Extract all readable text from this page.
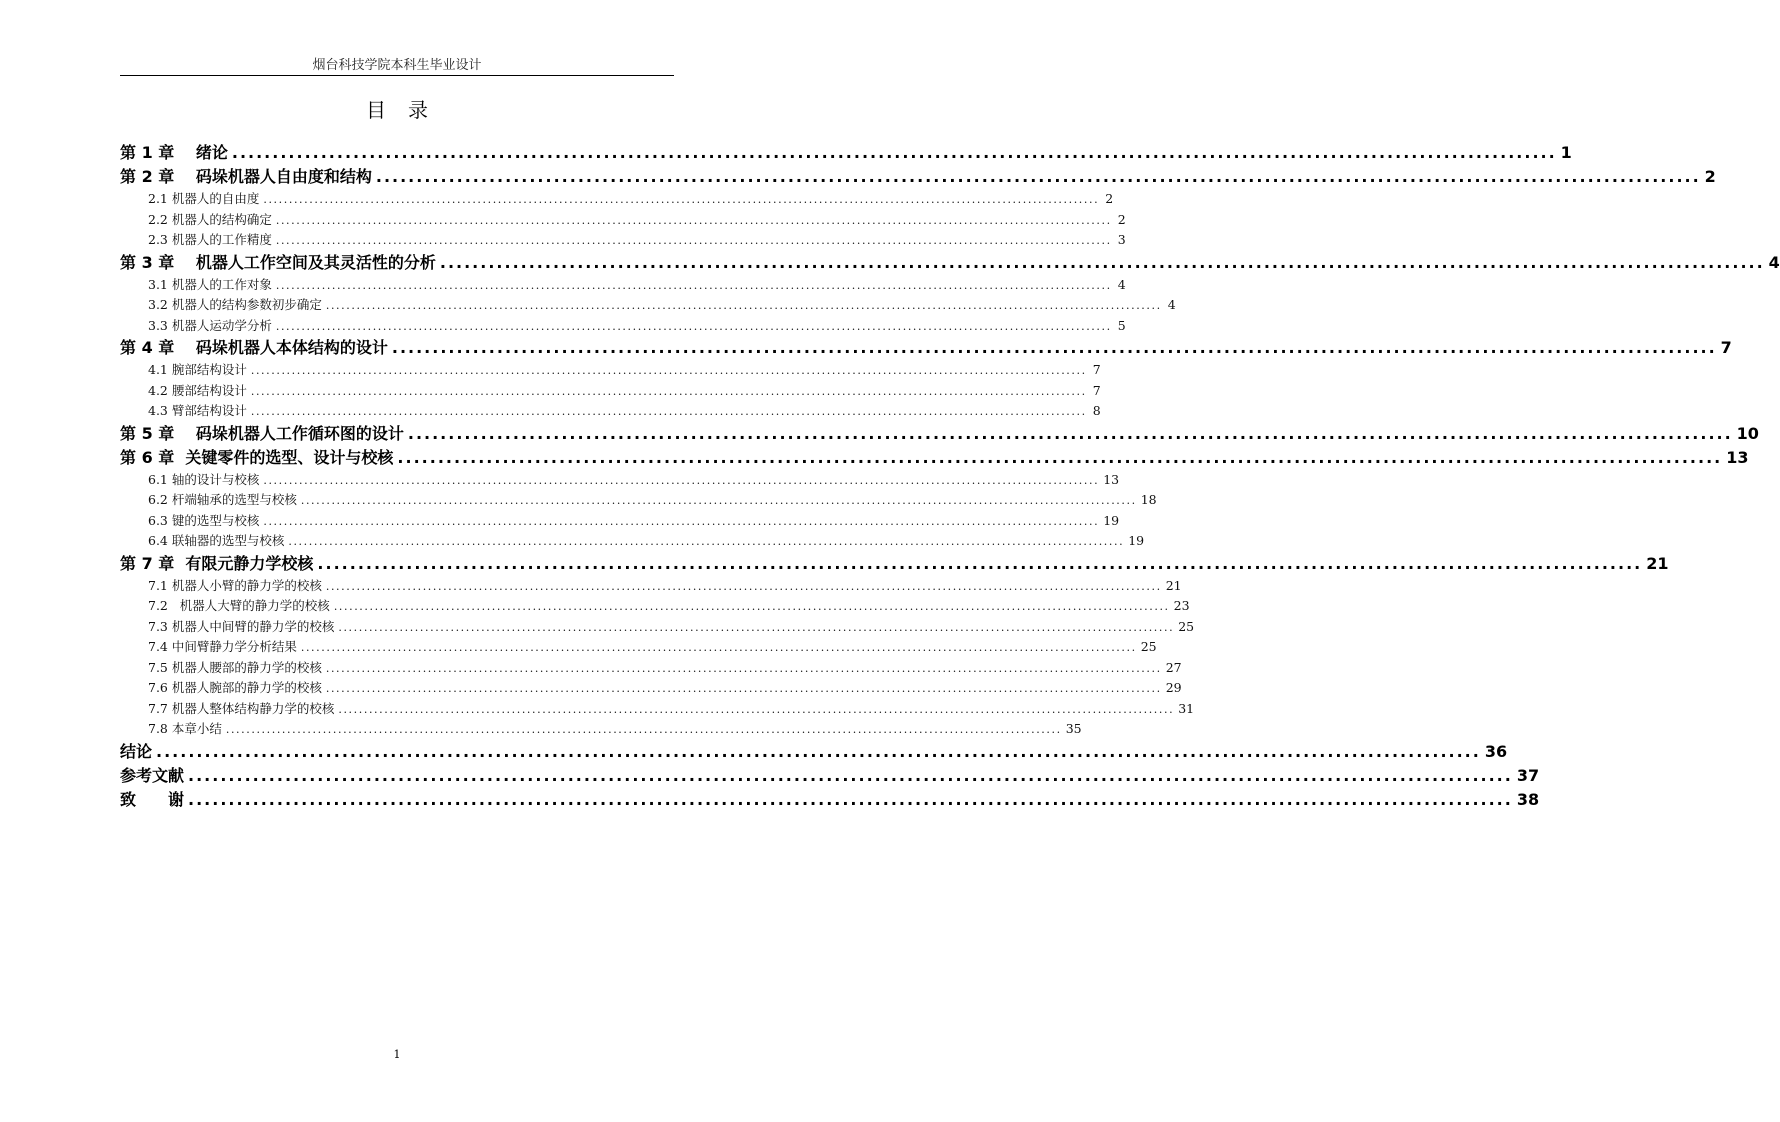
烟台科技学院本科生毕业设计
目 录
第 1 章　 绪论 .................................................................................................................................................................... 1
第 2 章　 码垛机器人自由度和结构 .................................................................................................................................................................... 2
2.1 机器人的自由度 .................................................................................................................................................................... 2
2.2 机器人的结构确定 .................................................................................................................................................................... 2
2.3 机器人的工作精度 .................................................................................................................................................................... 3
第 3 章　 机器人工作空间及其灵活性的分析 .................................................................................................................................................................... 4
3.1 机器人的工作对象 .................................................................................................................................................................... 4
3.2 机器人的结构参数初步确定 .................................................................................................................................................................... 4
3.3 机器人运动学分析 .................................................................................................................................................................... 5
第 4 章　 码垛机器人本体结构的设计 .................................................................................................................................................................... 7
4.1 腕部结构设计 .................................................................................................................................................................... 7
4.2 腰部结构设计 .................................................................................................................................................................... 7
4.3 臂部结构设计 .................................................................................................................................................................... 8
第 5 章　 码垛机器人工作循环图的设计 .................................................................................................................................................................... 10
第 6 章  关键零件的选型、设计与校核 .................................................................................................................................................................... 13
6.1 轴的设计与校核 .................................................................................................................................................................... 13
6.2 杆端轴承的选型与校核 .................................................................................................................................................................... 18
6.3 键的选型与校核 .................................................................................................................................................................... 19
6.4 联轴器的选型与校核 .................................................................................................................................................................... 19
第 7 章  有限元静力学校核 .................................................................................................................................................................... 21
7.1 机器人小臂的静力学的校核 .................................................................................................................................................................... 21
7.2   机器人大臂的静力学的校核 .................................................................................................................................................................... 23
7.3 机器人中间臂的静力学的校核 .................................................................................................................................................................... 25
7.4 中间臂静力学分析结果 .................................................................................................................................................................... 25
7.5 机器人腰部的静力学的校核 .................................................................................................................................................................... 27
7.6 机器人腕部的静力学的校核 .................................................................................................................................................................... 29
7.7 机器人整体结构静力学的校核 .................................................................................................................................................................... 31
7.8 本章小结 .................................................................................................................................................................... 35
结论 .................................................................................................................................................................... 36
参考文献 .................................................................................................................................................................... 37
致　　谢 .................................................................................................................................................................... 38
1
